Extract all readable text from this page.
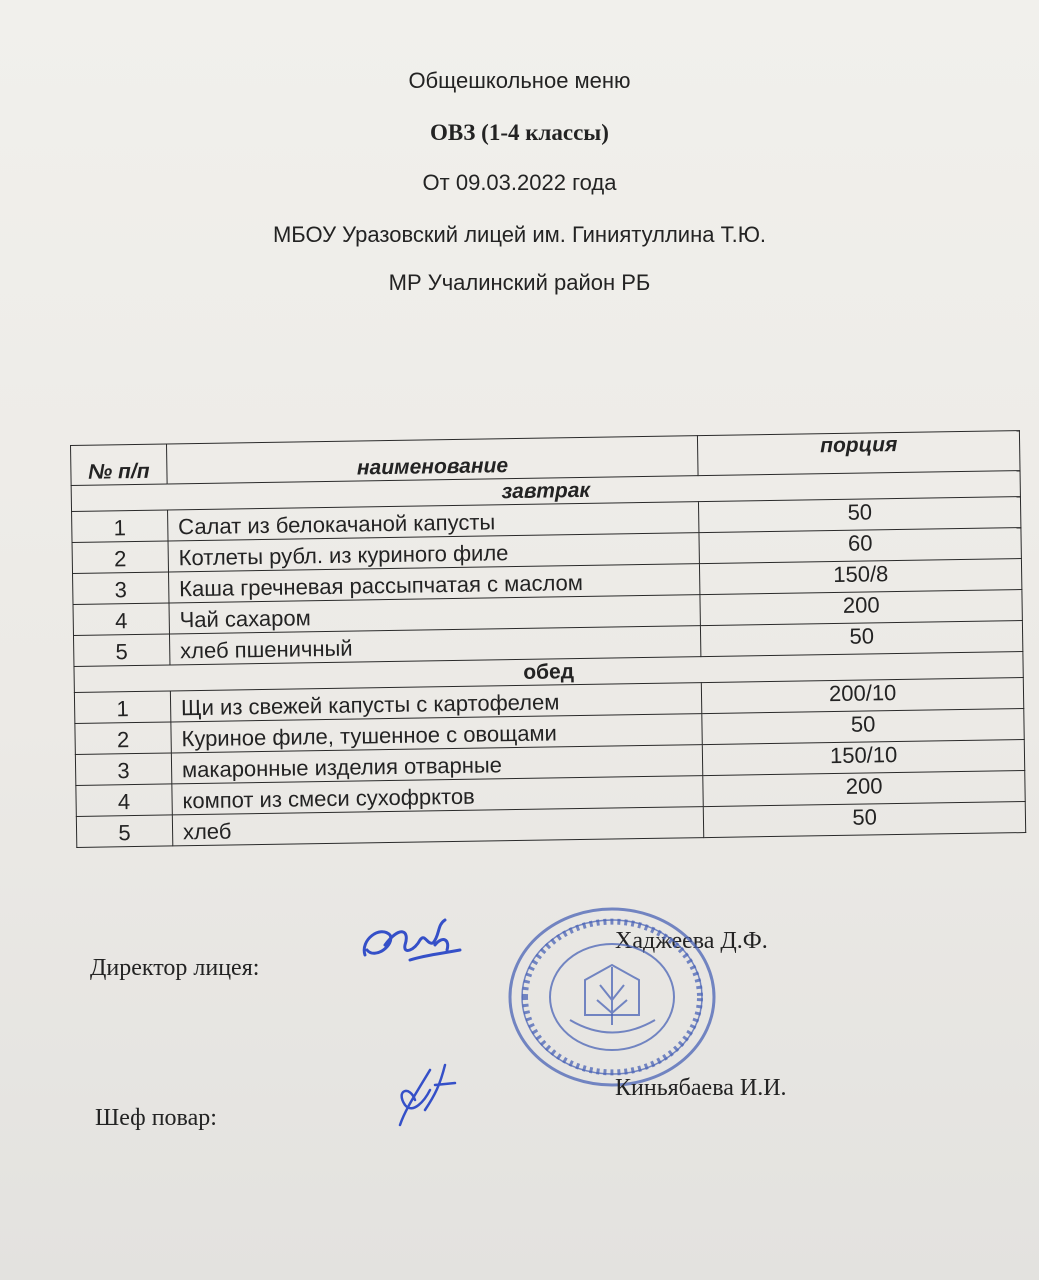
Общешкольное меню
ОВЗ (1-4 классы)
От 09.03.2022 года
МБОУ Уразовский лицей им. Гиниятуллина Т.Ю.
МР Учалинский район РБ
№ п/п	наименование	порция
завтрак		
1	Салат из белокачаной капусты	50
2	Котлеты рубл. из куриного филе	60
3	Каша гречневая рассыпчатая с маслом	150/8
4	Чай сахаром	200
5	хлеб пшеничный	50
обед		
1	Щи из свежей капусты с картофелем	200/10
2	Куриное филе, тушенное с овощами	50
3	макаронные изделия отварные	150/10
4	компот из смеси сухофрктов	200
5	хлеб	50
Директор лицея:
Хаджеева Д.Ф.
Шеф повар:
Киньябаева И.И.
